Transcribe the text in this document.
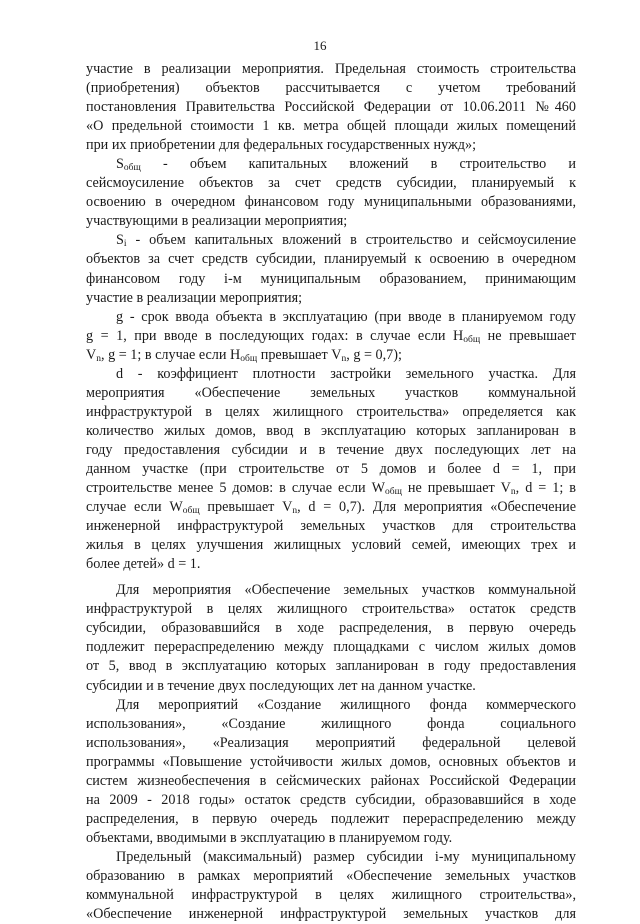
16
участие в реализации мероприятия. Предельная стоимость строительства
(приобретения) объектов рассчитывается с учетом требований
постановления Правительства Российской Федерации от 10.06.2011 №460
«О предельной стоимости 1 кв. метра общей площади жилых помещений
при их приобретении для федеральных государственных нужд»;
$S_{общ}$ - объем капитальных вложений в строительство и
сейсмоусиление объектов за счет средств субсидии, планируемый к
освоению в очередном финансовом году муниципальными образованиями,
участвующими в реализации мероприятия;
$S_i$ - объем капитальных вложений в строительство и сейсмоусиление
объектов за счет средств субсидии, планируемый к освоению в очередном
финансовом году i-м муниципальным образованием, принимающим
участие в реализации мероприятия;
g - срок ввода объекта в эксплуатацию (при вводе в планируемом году
g = 1, при вводе в последующих годах: в случае если $H_{общ}$ не превышает
$V_n$, g = 1; в случае если $H_{общ}$ превышает $V_n$, g = 0,7);
d - коэффициент плотности застройки земельного участка. Для
мероприятия «Обеспечение земельных участков коммунальной
инфраструктурой в целях жилищного строительства» определяется как
количество жилых домов, ввод в эксплуатацию которых запланирован в
году предоставления субсидии и в течение двух последующих лет на
данном участке (при строительстве от 5 домов и более d = 1, при
строительстве менее 5 домов: в случае если $W_{общ}$ не превышает $V_n$, d = 1; в
случае если $W_{общ}$ превышает $V_n$, d = 0,7). Для мероприятия «Обеспечение
инженерной инфраструктурой земельных участков для строительства
жилья в целях улучшения жилищных условий семей, имеющих трех и
более детей» d = 1.
Для мероприятия «Обеспечение земельных участков коммунальной
инфраструктурой в целях жилищного строительства» остаток средств
субсидии, образовавшийся в ходе распределения, в первую очередь
подлежит перераспределению между площадками с числом жилых домов
от 5, ввод в эксплуатацию которых запланирован в году предоставления
субсидии и в течение двух последующих лет на данном участке.
Для мероприятий «Создание жилищного фонда коммерческого
использования», «Создание жилищного фонда социального
использования», «Реализация мероприятий федеральной целевой
программы «Повышение устойчивости жилых домов, основных объектов и
систем жизнеобеспечения в сейсмических районах Российской Федерации
на 2009 - 2018 годы» остаток средств субсидии, образовавшийся в ходе
распределения, в первую очередь подлежит перераспределению между
объектами, вводимыми в эксплуатацию в планируемом году.
Предельный (максимальный) размер субсидии i-му муниципальному
образованию в рамках мероприятий «Обеспечение земельных участков
коммунальной инфраструктурой в целях жилищного строительства»,
«Обеспечение инженерной инфраструктурой земельных участков для
